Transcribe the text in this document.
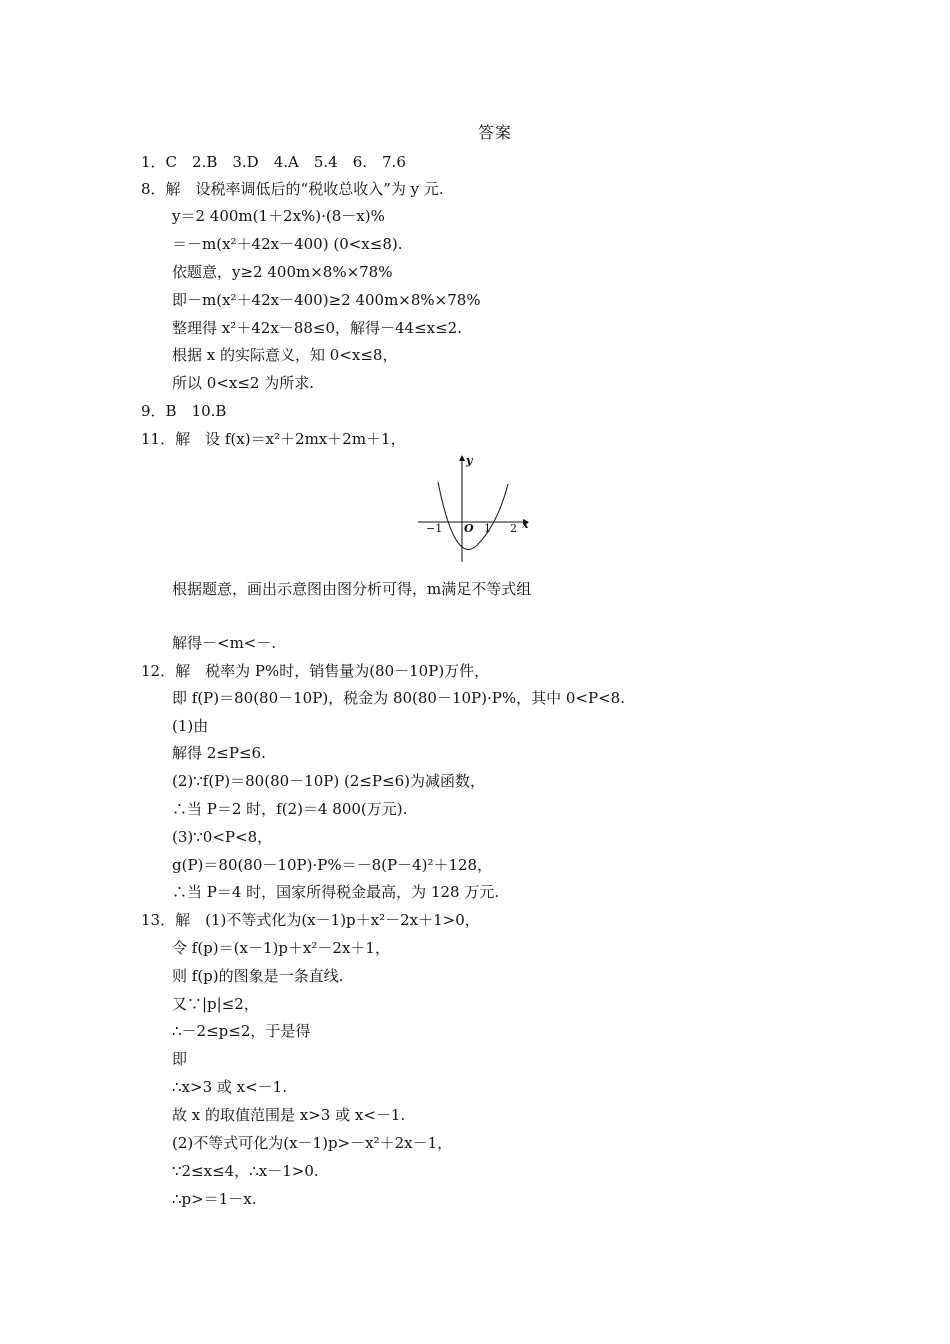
答案
1．C　2.B　3.D　4.A　5.4　6.　7.6
8．解　设税率调低后的“税收总收入”为 y 元.
y＝2 400m(1＋2x%)·(8－x)%
＝－m(x²＋42x－400) (0<x≤8).
依题意，y≥2 400m×8%×78%
即－m(x²＋42x－400)≥2 400m×8%×78%
整理得 x²＋42x－88≤0，解得－44≤x≤2.
根据 x 的实际意义，知 0<x≤8，
所以 0<x≤2 为所求.
9．B　10.B
11．解　设 f(x)＝x²＋2mx＋2m＋1，
y
x
O
−1	1 2
根据题意，画出示意图由图分析可得，m满足不等式组
解得－<m<－.
12．解　税率为 P%时，销售量为(80－10P)万件，
即 f(P)＝80(80－10P)，税金为 80(80－10P)·P%，其中 0<P<8.
(1)由
解得 2≤P≤6.
(2)∵f(P)＝80(80－10P) (2≤P≤6)为减函数，
∴当 P＝2 时，f(2)＝4 800(万元).
(3)∵0<P<8，
g(P)＝80(80－10P)·P%＝－8(P－4)²＋128，
∴当 P＝4 时，国家所得税金最高，为 128 万元.
13．解　(1)不等式化为(x－1)p＋x²－2x＋1>0，
令 f(p)＝(x－1)p＋x²－2x＋1，
则 f(p)的图象是一条直线.
又∵|p|≤2，
∴－2≤p≤2，于是得
即
∴x>3 或 x<－1.
故 x 的取值范围是 x>3 或 x<－1.
(2)不等式可化为(x－1)p>－x²＋2x－1，
∵2≤x≤4，∴x－1>0.
∴p>＝1－x.
